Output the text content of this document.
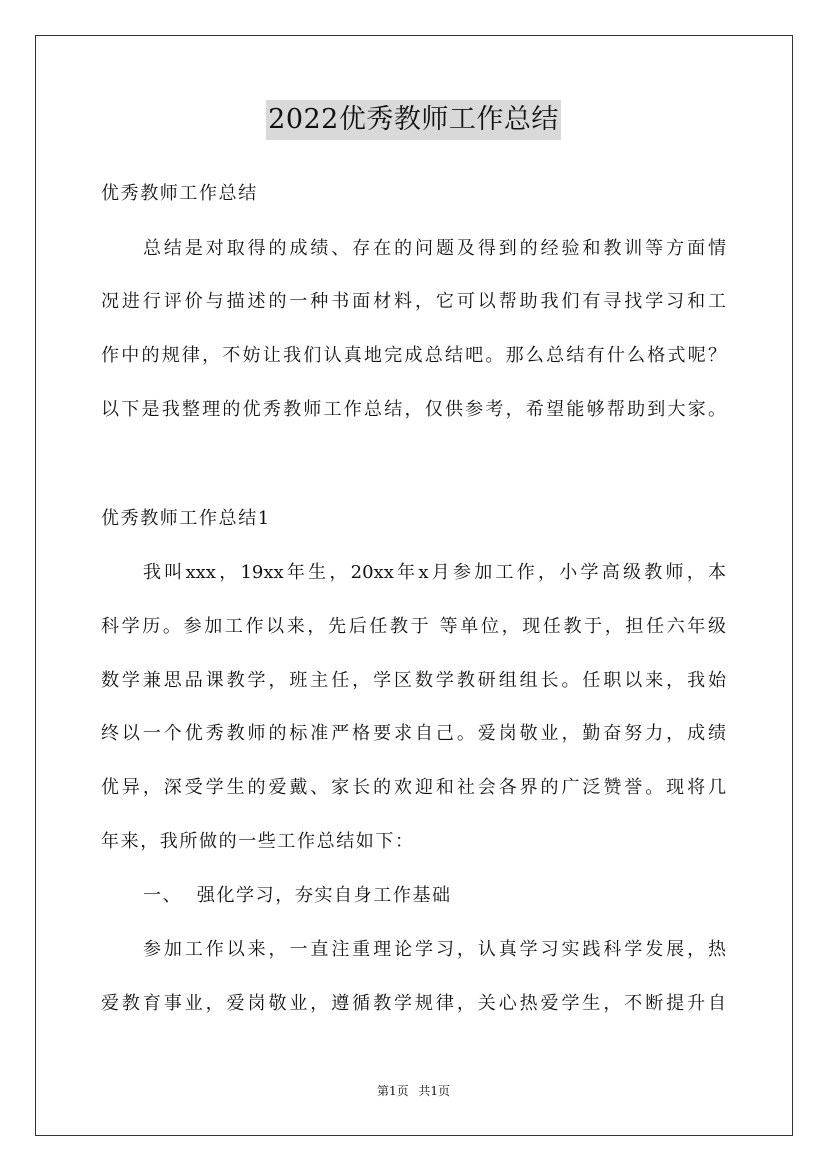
2022优秀教师工作总结
优秀教师工作总结
总结是对取得的成绩、存在的问题及得到的经验和教训等方面情
况进行评价与描述的一种书面材料，它可以帮助我们有寻找学习和工
作中的规律，不妨让我们认真地完成总结吧。那么总结有什么格式呢？
以下是我整理的优秀教师工作总结，仅供参考，希望能够帮助到大家。
优秀教师工作总结1
我叫xxx，19xx年生，20xx年x月参加工作，小学高级教师，本
科学历。参加工作以来，先后任教于 等单位，现任教于，担任六年级
数学兼思品课教学，班主任，学区数学教研组组长。任职以来，我始
终以一个优秀教师的标准严格要求自己。爱岗敬业，勤奋努力，成绩
优异，深受学生的爱戴、家长的欢迎和社会各界的广泛赞誉。现将几
年来，我所做的一些工作总结如下：
一、  强化学习，夯实自身工作基础
参加工作以来，一直注重理论学习，认真学习实践科学发展，热
爱教育事业，爱岗敬业，遵循教学规律，关心热爱学生，不断提升自
第1页 共1页
